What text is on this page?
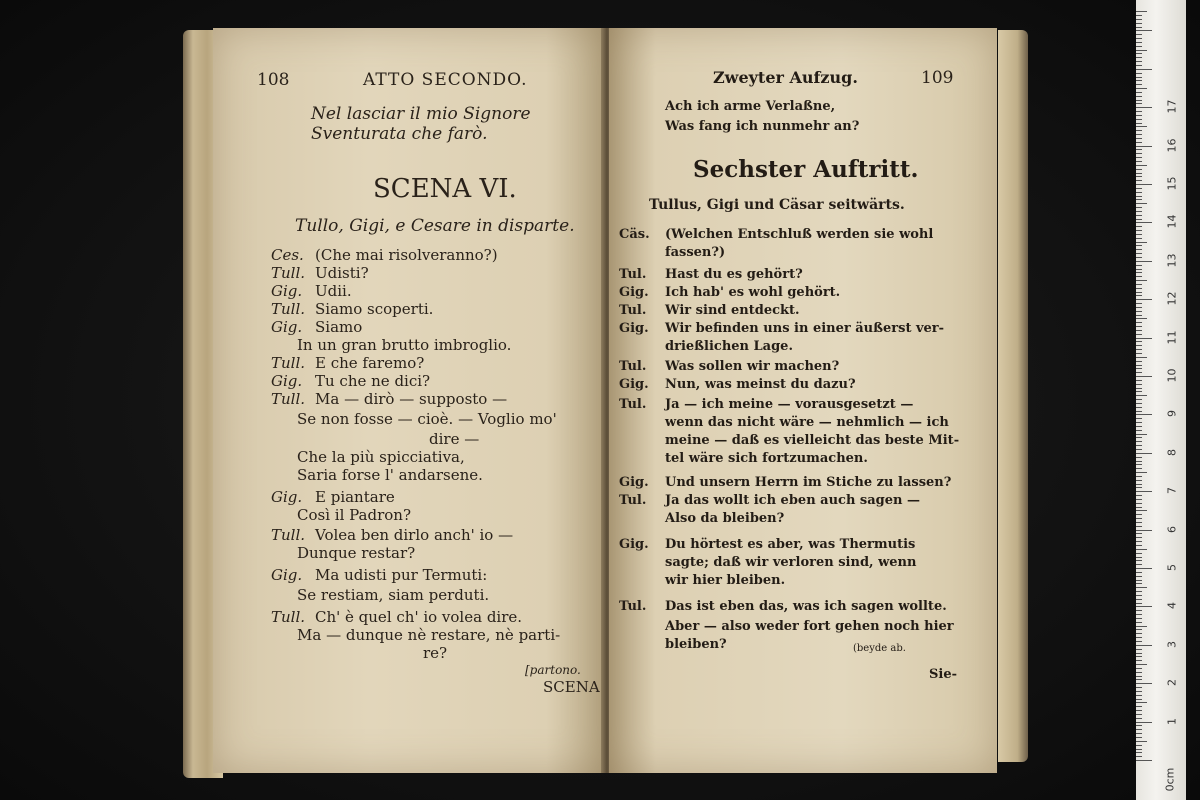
108	ATTO SECONDO.
Nel lasciar il mio Signore
Sventurata che farò.
SCENA VI.
Tullo, Gigi, e Cesare in disparte.
Ces. (Che mai risolveranno?)
Tull. Udisti?
Gig. Udii.
Tull. Siamo scoperti.
Gig. Siamo
In un gran brutto imbroglio.
Tull. E che faremo?
Gig. Tu che ne dici?
Tull. Ma — dirò — supposto —
Se non fosse — cioè. — Voglio mo'
dire —
Che la più spicciativa,
Saria forse l' andarsene.
Gig. E piantare
Così il Padron?
Tull. Volea ben dirlo anch' io —
Dunque restar?
Gig. Ma udisti pur Termuti:
Se restiam, siam perduti.
Tull. Ch' è quel ch' io volea dire.
Ma — dunque nè restare, nè parti-
re?
[partono.
SCENA
Zweyter Aufzug.	109
Ach ich arme Verlaßne,
Was fang ich nunmehr an?
Sechster Auftritt.
Tullus, Gigi und Cäsar seitwärts.
Cäs. (Welchen Entschluß werden sie wohl
fassen?)
Tul. Hast du es gehört?
Gig. Ich hab' es wohl gehört.
Tul. Wir sind entdeckt.
Gig. Wir befinden uns in einer äußerst ver-
drießlichen Lage.
Tul. Was sollen wir machen?
Gig. Nun, was meinst du dazu?
Tul. Ja — ich meine — vorausgesetzt —
wenn das nicht wäre — nehmlich — ich
meine — daß es vielleicht das beste Mit-
tel wäre sich fortzumachen.
Gig. Und unsern Herrn im Stiche zu lassen?
Tul. Ja das wollt ich eben auch sagen —
Also da bleiben?
Gig. Du hörtest es aber, was Thermutis
sagte; daß wir verloren sind, wenn
wir hier bleiben.
Tul. Das ist eben das, was ich sagen wollte.
Aber — also weder fort gehen noch hier
bleiben?	(beyde ab.
Sie-
1
2
3
4
5
6
7
8
9
10
11
12
13
14
15
16
17
0cm
